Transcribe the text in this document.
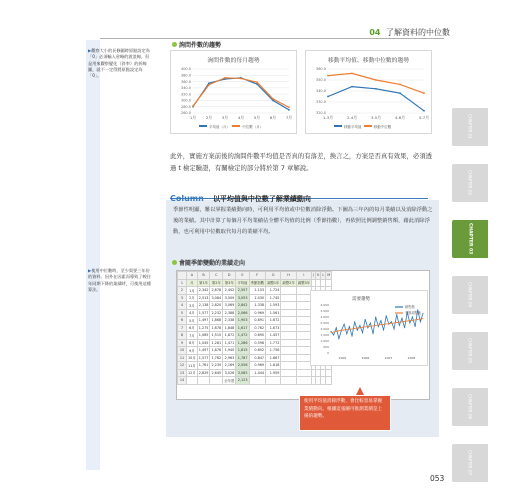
04 了解資料的中位數
▶觀察大小的長條圖時原點設定為「0」必須輸入省略的波浪線，但是用來觀察變化（斜率）的折線圖，就不一定得將原點設定為「0」。
▶使用中位數時，至少需要三年份的資料。因外在因素而導致了較往年同期下降的業績時，可使用這種算法。
詢問件數的趨勢
詢問件數的每月趨勢
400.0
380.0
360.0
340.0
320.0
300.0
280.0
260.0
1月	2月	3月	4月	5月	6月	7月
平均值（月）	中位數（月）
移動平均值、移動中位數的趨勢
360.0
350.0
340.0
330.0
320.0
1-3月	2-4月	3-5月	4-6月	5-7月
移動平均值	移動中位數
此外，實施方案前後的詢問件數平均值是否真的有落差，換言之，方案是否真有效果，必須透過 t 檢定驗證，有關檢定的部分將於第 7 章解說。
Column 以平均值與中位數了解業績動向
季節性明顯，難以掌握業績動向時，可利用平均值或中位數消除浮動。下圖為三年內的每月業績以及消除浮動之後的業績。其中計算了每個月平均業績佔全體平均值的比例（季節指數），再依照比例調整銷售額，藉此消除浮動，也可利用中位數取代每月的業績平均。
會隨季節變動的業績走向
	A	B	C	D	E	F	G	H	I	J	K	L	M
1	月	第1年	第2年	第3年	平均值	季節指數	調整1年	調整2年	調整3年				
2	1月	2,342	2,678	2,402	2,507	1.103	1.724						
3	2月	2,513	3,084	3,509	3,053	1.430	1.745						
4	3月	2,138	2,820	3,069	2,842	1.338	1.593						
5	4月	1,577	2,232	2,388	2,066	0.969	1.561						
6	5月	1,497	1,868	2,338	1,903	0.891	1.672						
7	6月	1,275	1,678	1,848	1,617	0.762	1.673						
8	7月	1,065	1,515	1,872	1,472	0.690	1.457						
9	8月	1,045	1,281	1,471	1,286	0.598	1.772						
10	9月	1,497	1,676	1,940	1,815	0.852	1.758						
11	10月	1,577	1,762	2,963	1,787	0.847	1.867						
12	11月	1,761	2,239	2,169	2,056	0.969	1.818						
13	12月	2,829	2,645	3,026	3,085	1.444	1.959						
14				全年度	2,123								
需要趨勢
4,000
3,500
3,000
2,500
2,000
1,500
1,000
500
0
2005	2006	2007	2008
銷售額
季節調整後
使用平均值消除浮動，會比較容易掌握業績動向。根據這張圖可推測業績是上揚的趨勢。
CHAPTER 01
CHAPTER 02
CHAPTER 03
CHAPTER 04
CHAPTER 05
CHAPTER 06
CHAPTER 07
053
